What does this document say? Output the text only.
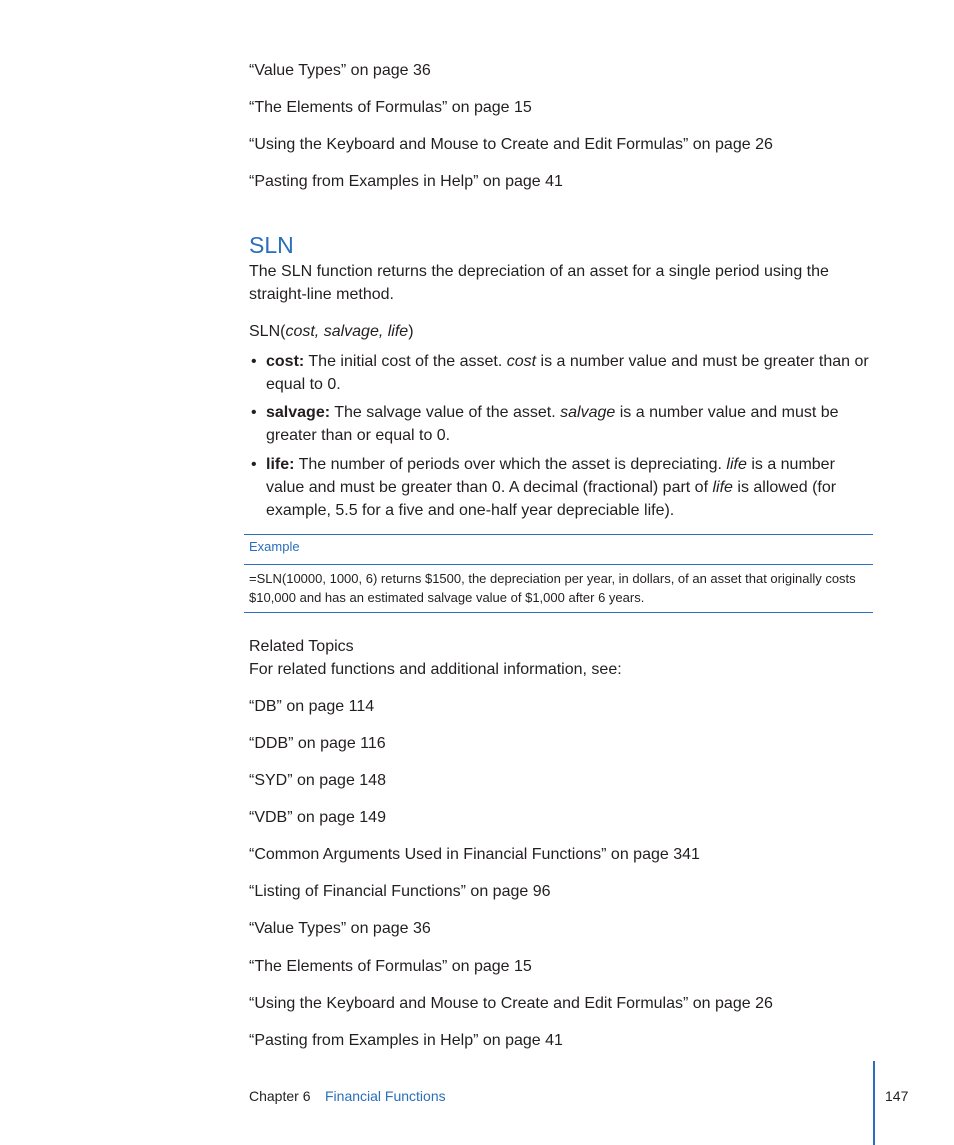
“Value Types” on page 36
“The Elements of Formulas” on page 15
“Using the Keyboard and Mouse to Create and Edit Formulas” on page 26
“Pasting from Examples in Help” on page 41
SLN
The SLN function returns the depreciation of an asset for a single period using the straight-line method.
SLN(cost, salvage, life)
• cost: The initial cost of the asset. cost is a number value and must be greater than or equal to 0.
• salvage: The salvage value of the asset. salvage is a number value and must be greater than or equal to 0.
• life: The number of periods over which the asset is depreciating. life is a number value and must be greater than 0. A decimal (fractional) part of life is allowed (for example, 5.5 for a five and one-half year depreciable life).
Example
=SLN(10000, 1000, 6) returns $1500, the depreciation per year, in dollars, of an asset that originally costs $10,000 and has an estimated salvage value of $1,000 after 6 years.
Related Topics
For related functions and additional information, see:
“DB” on page 114
“DDB” on page 116
“SYD” on page 148
“VDB” on page 149
“Common Arguments Used in Financial Functions” on page 341
“Listing of Financial Functions” on page 96
“Value Types” on page 36
“The Elements of Formulas” on page 15
“Using the Keyboard and Mouse to Create and Edit Formulas” on page 26
“Pasting from Examples in Help” on page 41
Chapter 6 Financial Functions	147
